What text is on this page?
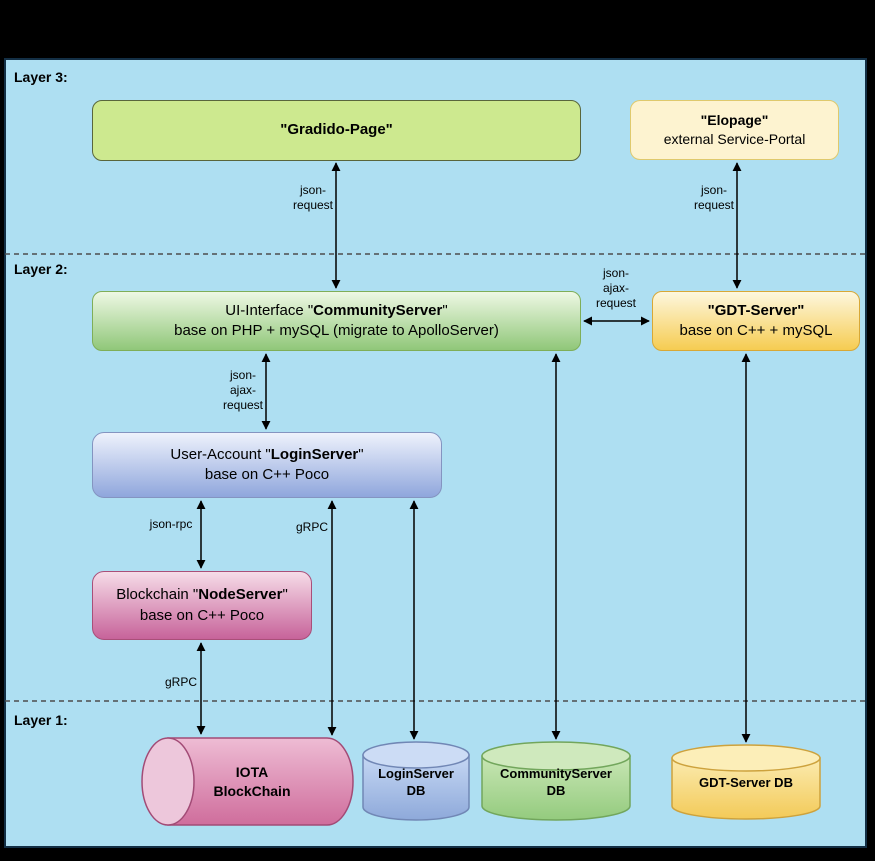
Layer 3:
Layer 2:
Layer 1:
"Gradido-Page"
"Elopage"
external Service-Portal
UI-Interface "CommunityServer"
base on PHP + mySQL (migrate to ApolloServer)
"GDT-Server"
base on C++ + mySQL
User-Account "LoginServer"
base on C++ Poco
Blockchain "NodeServer"
base on C++ Poco
IOTA
BlockChain
LoginServer
DB
CommunityServer
DB
GDT-Server DB
json-
request
json-
request
json-
ajax-
request
json-
ajax-
request
json-rpc	gRPC
gRPC
